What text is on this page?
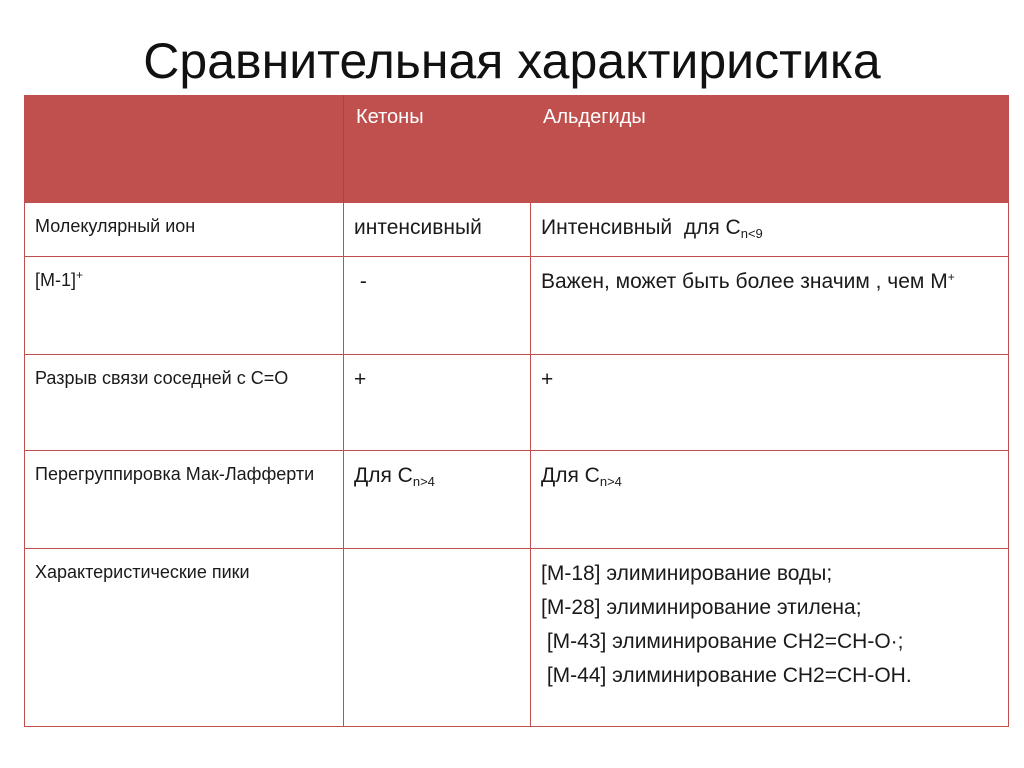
Сравнительная характиристика
	Кетоны	Альдегиды
Молекулярный ион	интенсивный	Интенсивный  для $С_{n<9}$
[M-1]+	-	Важен, может быть более значим , чем М+
Разрыв связи соседней с C=O	+	+
Перегруппировка Мак-Лафферти	Для $С_{n>4}$	Для $С_{n>4}$
Характеристические пики		[M-18] элиминирование воды;
[M-28] элиминирование этилена;
[M-43] элиминирование CH2=CH-O·;
[M-44] элиминирование CH2=CH-OH.
